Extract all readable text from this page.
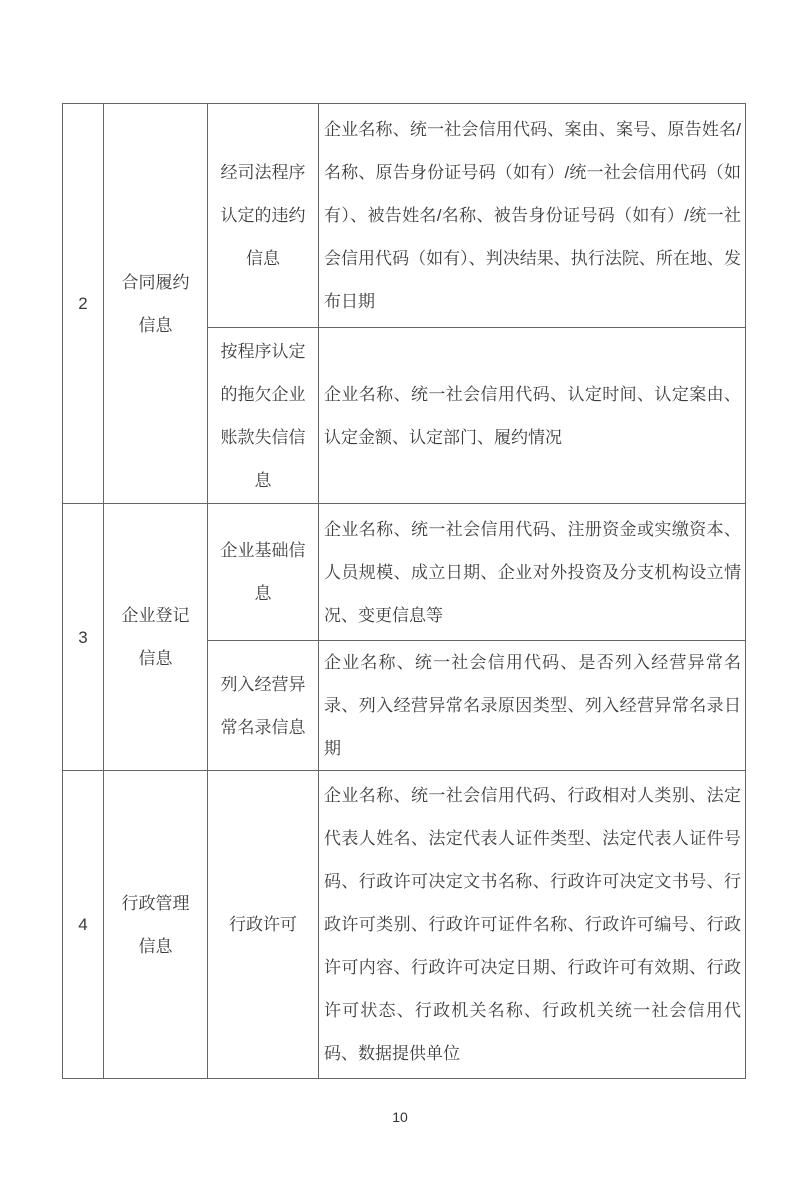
2	合同履约信息	经司法程序认定的违约信息	企业名称、统一社会信用代码、案由、案号、原告姓名/名称、原告身份证号码（如有）/统一社会信用代码（如有）、被告姓名/名称、被告身份证号码（如有）/统一社会信用代码（如有）、判决结果、执行法院、所在地、发布日期
		按程序认定的拖欠企业账款失信信息	企业名称、统一社会信用代码、认定时间、认定案由、认定金额、认定部门、履约情况
3	企业登记信息	企业基础信息	企业名称、统一社会信用代码、注册资金或实缴资本、人员规模、成立日期、企业对外投资及分支机构设立情况、变更信息等
		列入经营异常名录信息	企业名称、统一社会信用代码、是否列入经营异常名录、列入经营异常名录原因类型、列入经营异常名录日期
4	行政管理信息	行政许可	企业名称、统一社会信用代码、行政相对人类别、法定代表人姓名、法定代表人证件类型、法定代表人证件号码、行政许可决定文书名称、行政许可决定文书号、行政许可类别、行政许可证件名称、行政许可编号、行政许可内容、行政许可决定日期、行政许可有效期、行政许可状态、行政机关名称、行政机关统一社会信用代码、数据提供单位
10
